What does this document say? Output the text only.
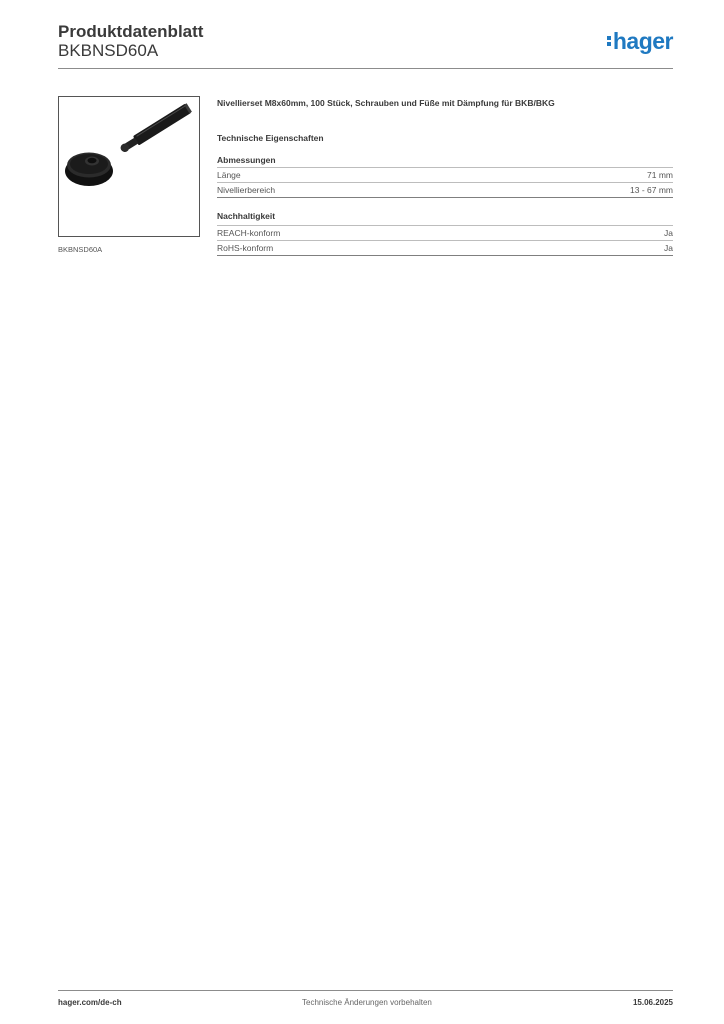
Produktdatenblatt
BKBNSD60A	hager
BKBNSD60A

Nivellierset M8x60mm, 100 Stück, Schrauben und Füße mit Dämpfung für BKB/BKG

Technische Eigenschaften
Abmessungen
Länge	71 mm
Nivellierbereich	13 - 67 mm
Nachhaltigkeit
REACH-konform	Ja
RoHS-konform	Ja
hager.com/de-ch	Technische Änderungen vorbehalten	15.06.2025
